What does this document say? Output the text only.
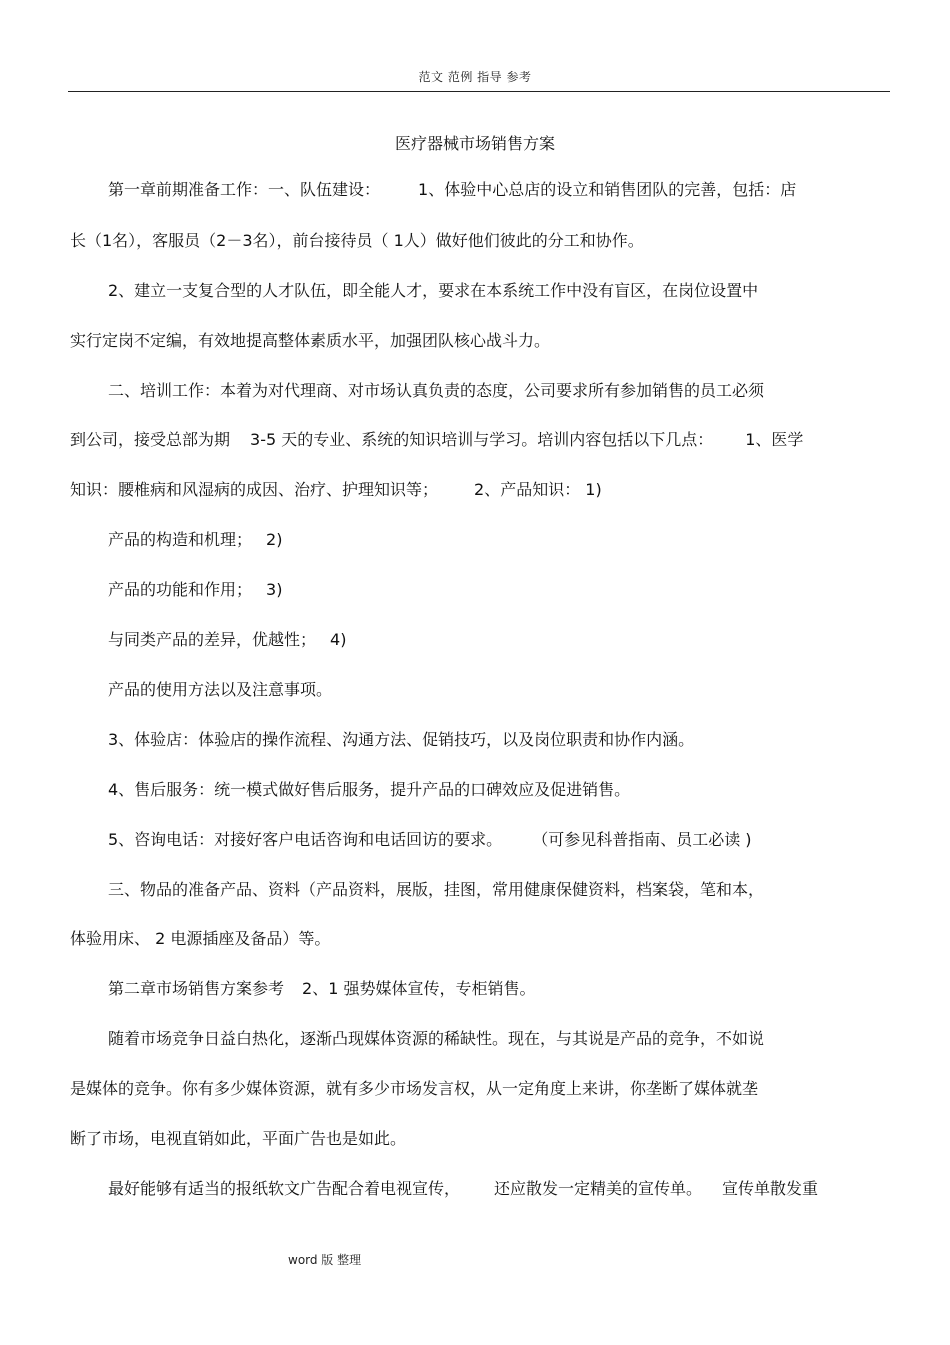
范文 范例 指导 参考
医疗器械市场销售方案
第一章前期准备工作：一、队伍建设： 1、体验中心总店的设立和销售团队的完善，包括：店
长（1名），客服员（2－3名），前台接待员（ 1人）做好他们彼此的分工和协作。
2、建立一支复合型的人才队伍，即全能人才，要求在本系统工作中没有盲区，在岗位设置中
实行定岗不定编，有效地提高整体素质水平，加强团队核心战斗力。
二、培训工作：本着为对代理商、对市场认真负责的态度，公司要求所有参加销售的员工必须
到公司，接受总部为期 3-5 天的专业、系统的知识培训与学习。培训内容包括以下几点： 1、医学
知识：腰椎病和风湿病的成因、治疗、护理知识等； 2、产品知识： 1)
产品的构造和机理； 2)
产品的功能和作用； 3)
与同类产品的差异，优越性； 4)
产品的使用方法以及注意事项。
3、体验店：体验店的操作流程、沟通方法、促销技巧，以及岗位职责和协作内涵。
4、售后服务：统一模式做好售后服务，提升产品的口碑效应及促进销售。
5、咨询电话：对接好客户电话咨询和电话回访的要求。 （可参见科普指南、员工必读 )
三、物品的准备产品、资料（产品资料，展版，挂图，常用健康保健资料，档案袋，笔和本，
体验用床、 2 电源插座及备品）等。
第二章市场销售方案参考 2、1 强势媒体宣传，专柜销售。
随着市场竞争日益白热化，逐渐凸现媒体资源的稀缺性。现在，与其说是产品的竞争，不如说
是媒体的竞争。你有多少媒体资源，就有多少市场发言权，从一定角度上来讲，你垄断了媒体就垄
断了市场，电视直销如此，平面广告也是如此。
最好能够有适当的报纸软文广告配合着电视宣传， 还应散发一定精美的宣传单。 宣传单散发重
word 版 整理
